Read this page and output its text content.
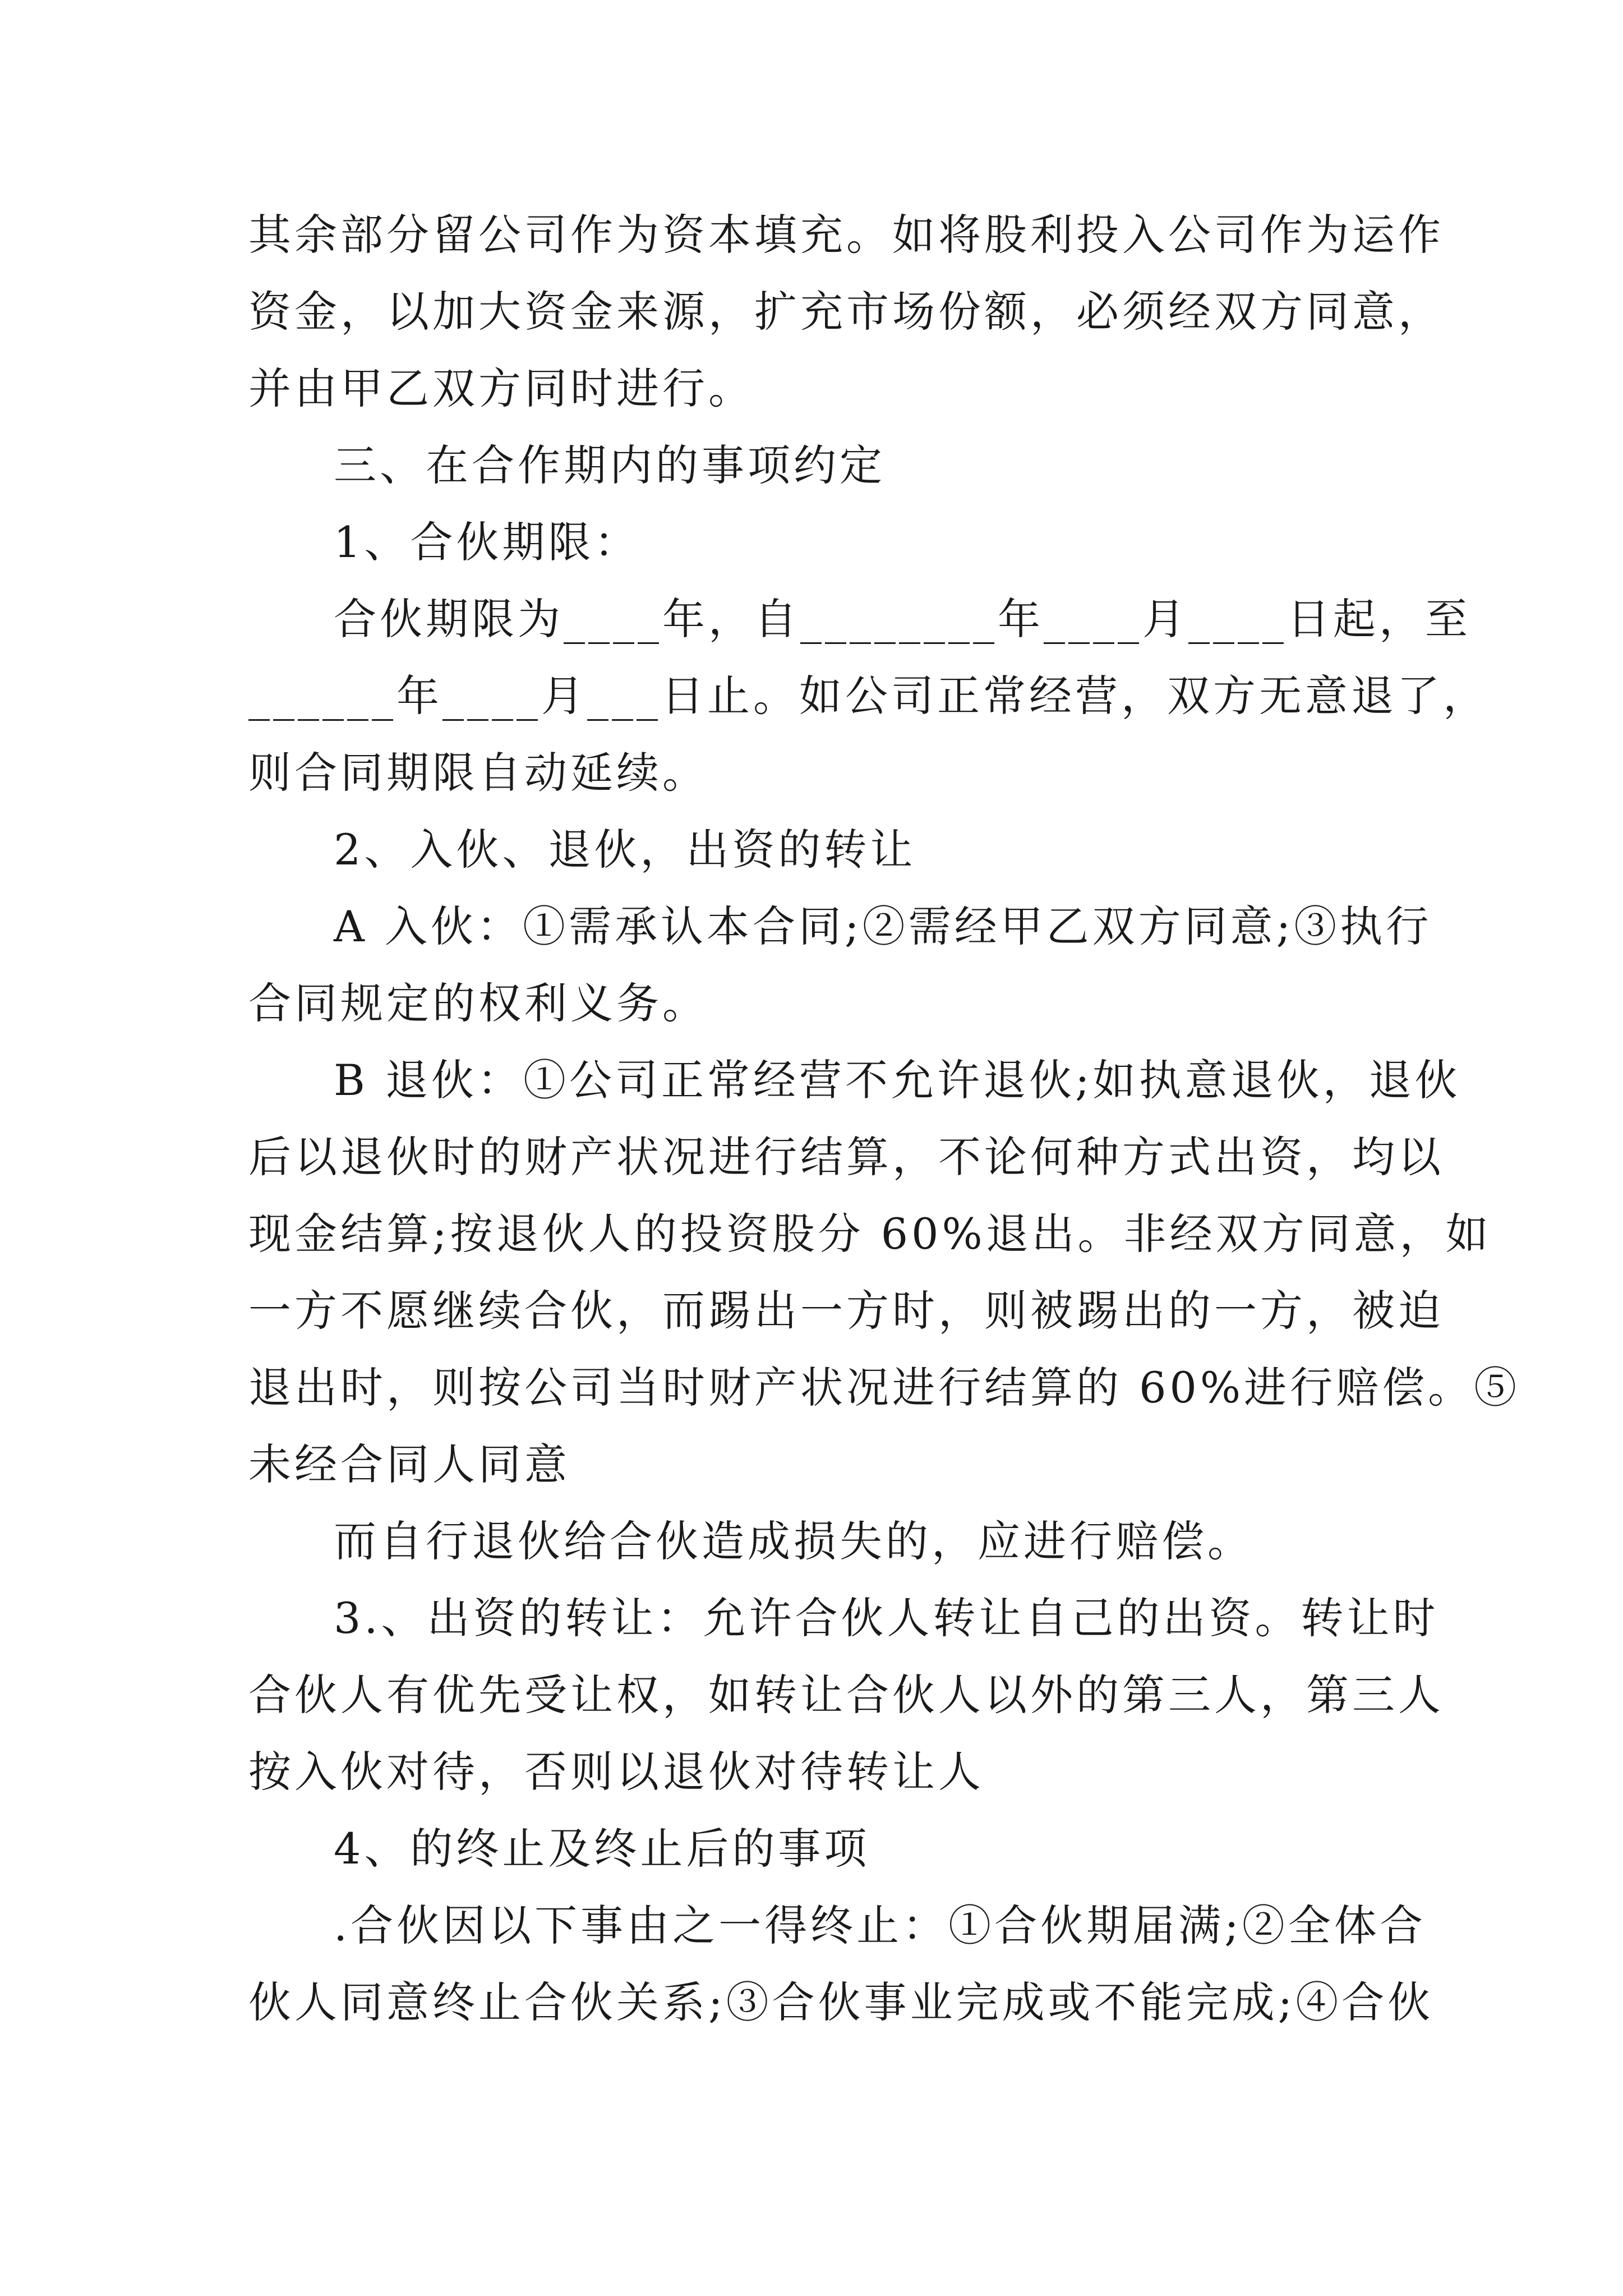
其余部分留公司作为资本填充。如将股利投入公司作为运作
资金，以加大资金来源，扩充市场份额，必须经双方同意，
并由甲乙双方同时进行。
三、在合作期内的事项约定
1、合伙期限：
合伙期限为____年，自________年____月____日起，至
______年____月___日止。如公司正常经营，双方无意退了，
则合同期限自动延续。
2、入伙、退伙，出资的转让
A 入伙：①需承认本合同;②需经甲乙双方同意;③执行
合同规定的权利义务。
B 退伙：①公司正常经营不允许退伙;如执意退伙，退伙
后以退伙时的财产状况进行结算，不论何种方式出资，均以
现金结算;按退伙人的投资股分 60%退出。非经双方同意，如
一方不愿继续合伙，而踢出一方时，则被踢出的一方，被迫
退出时，则按公司当时财产状况进行结算的 60%进行赔偿。⑤
未经合同人同意
而自行退伙给合伙造成损失的，应进行赔偿。
3.、出资的转让：允许合伙人转让自己的出资。转让时
合伙人有优先受让权，如转让合伙人以外的第三人，第三人
按入伙对待，否则以退伙对待转让人
4、的终止及终止后的事项
.合伙因以下事由之一得终止：①合伙期届满;②全体合
伙人同意终止合伙关系;③合伙事业完成或不能完成;④合伙
